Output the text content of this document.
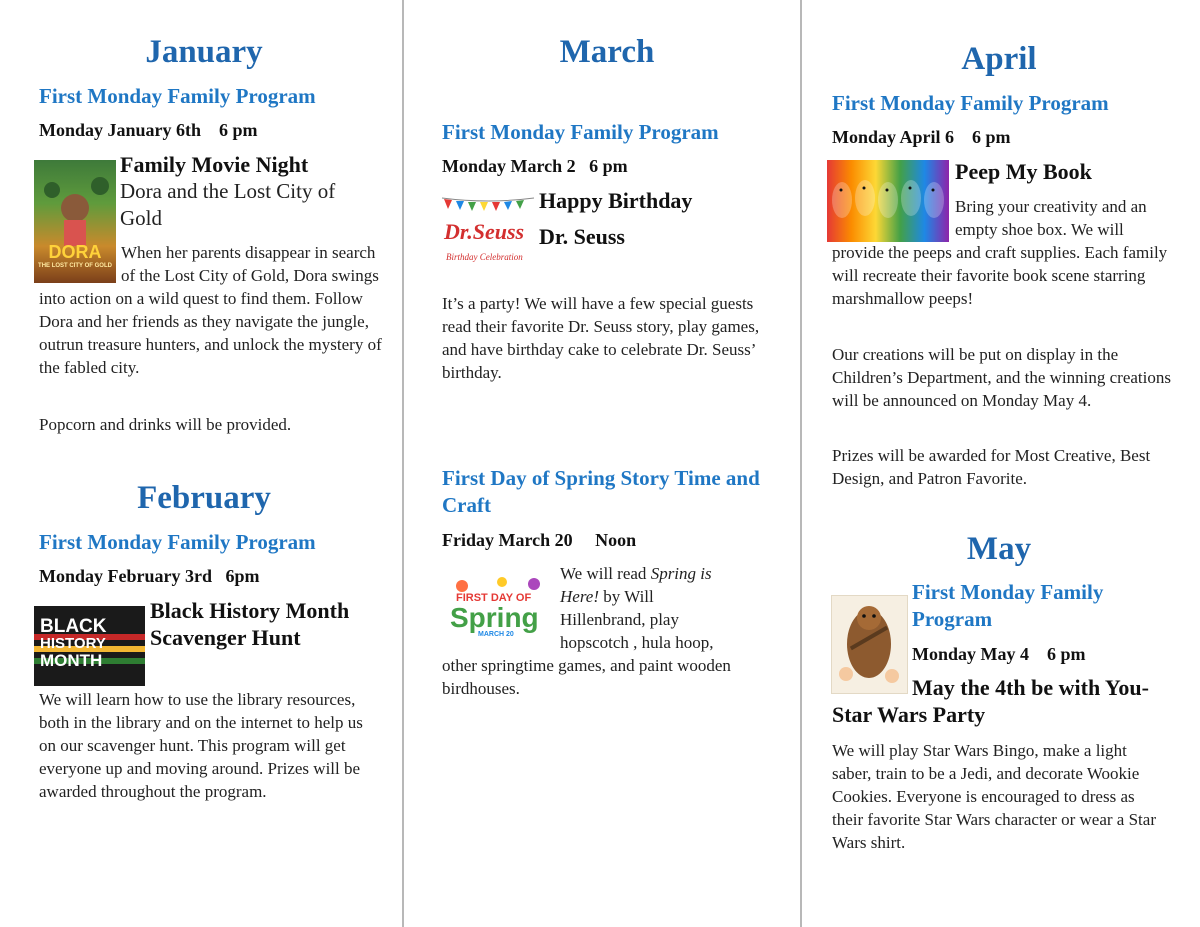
January
First Monday Family Program
Monday January 6th    6 pm
DORA
THE LOST CITY OF GOLD
Family Movie Night
Dora and the Lost City of Gold

When her parents disappear in search of the Lost City of Gold, Dora swings into action on a wild quest to find them. Follow Dora and her friends as they navigate the jungle, outrun treasure hunters, and unlock the mystery of the fabled city.

Popcorn and drinks will be provided.
February
First Monday Family Program
Monday February 3rd   6pm
BLACK
HISTORY
MONTH
Black History Month Scavenger Hunt
We will learn how to use the library resources, both in the library and on the internet to help us on our scavenger hunt. This program will get everyone up and moving around. Prizes will be awarded throughout the program.
March
First Monday Family Program
Monday March 2   6 pm
Dr.Seuss
Birthday Celebration
Happy Birthday
Dr. Seuss
It’s a party! We will have a few special guests read their favorite Dr. Seuss story, play games, and have birthday cake to celebrate Dr. Seuss’ birthday.
First Day of Spring Story Time and Craft
Friday March 20     Noon
FIRST DAY OF
Spring
MARCH 20

We will read Spring is Here! by Will Hillenbrand, play hopscotch , hula hoop, other springtime games, and paint wooden birdhouses.

April
First Monday Family Program
Monday April 6    6 pm
Peep My Book

Bring your creativity and an empty shoe box. We will provide the peeps and craft supplies. Each family will recreate their favorite book scene starring marshmallow peeps!

Our creations will be put on display in the Children’s Department, and the winning creations will be announced on Monday May 4.
Prizes will be awarded for Most Creative, Best Design, and Patron Favorite.
May
First Monday Family Program
Monday May 4    6 pm

May the 4th be with You-Star Wars Party

We will play Star Wars Bingo, make a light saber, train to be a Jedi, and decorate Wookie Cookies. Everyone is encouraged to dress as their favorite Star Wars character or wear a Star Wars shirt.
